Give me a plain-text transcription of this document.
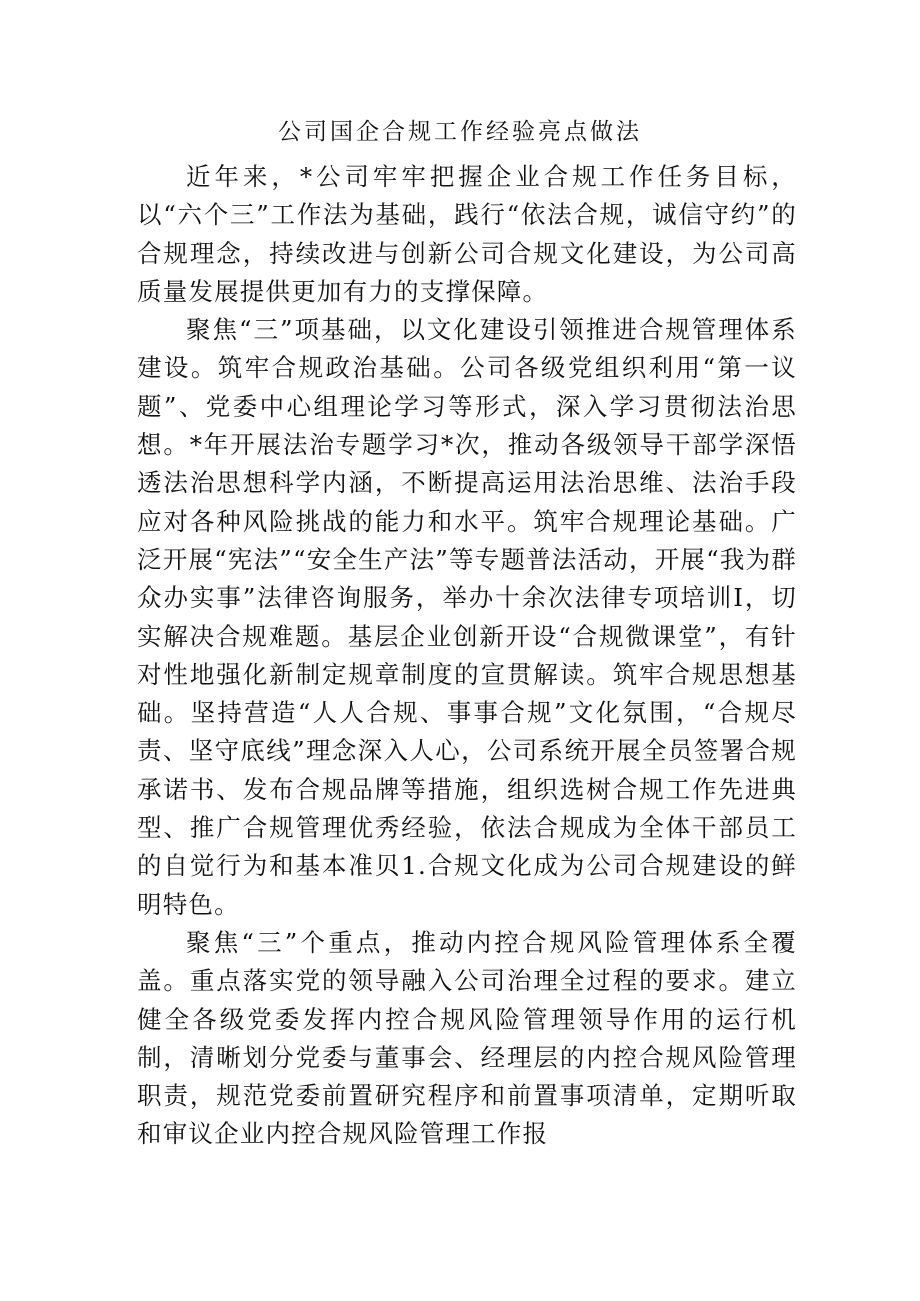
公司国企合规工作经验亮点做法

近年来，*公司牢牢把握企业合规工作任务目标，以“六个三”工作法为基础，践行“依法合规，诚信守约”的合规理念，持续改进与创新公司合规文化建设，为公司高质量发展提供更加有力的支撑保障。

聚焦“三”项基础，以文化建设引领推进合规管理体系建设。筑牢合规政治基础。公司各级党组织利用“第一议题”、党委中心组理论学习等形式，深入学习贯彻法治思想。*年开展法治专题学习*次，推动各级领导干部学深悟透法治思想科学内涵，不断提高运用法治思维、法治手段应对各种风险挑战的能力和水平。筑牢合规理论基础。广泛开展“宪法”“安全生产法”等专题普法活动，开展“我为群众办实事”法律咨询服务，举办十余次法律专项培训I，切实解决合规难题。基层企业创新开设“合规微课堂”，有针对性地强化新制定规章制度的宣贯解读。筑牢合规思想基础。坚持营造“人人合规、事事合规”文化氛围，“合规尽责、坚守底线”理念深入人心，公司系统开展全员签署合规承诺书、发布合规品牌等措施，组织选树合规工作先进典型、推广合规管理优秀经验，依法合规成为全体干部员工的自觉行为和基本准贝1.合规文化成为公司合规建设的鲜明特色。

聚焦“三”个重点，推动内控合规风险管理体系全覆盖。重点落实党的领导融入公司治理全过程的要求。建立健全各级党委发挥内控合规风险管理领导作用的运行机制，清晰划分党委与董事会、经理层的内控合规风险管理职责，规范党委前置研究程序和前置事项清单，定期听取和审议企业内控合规风险管理工作报
